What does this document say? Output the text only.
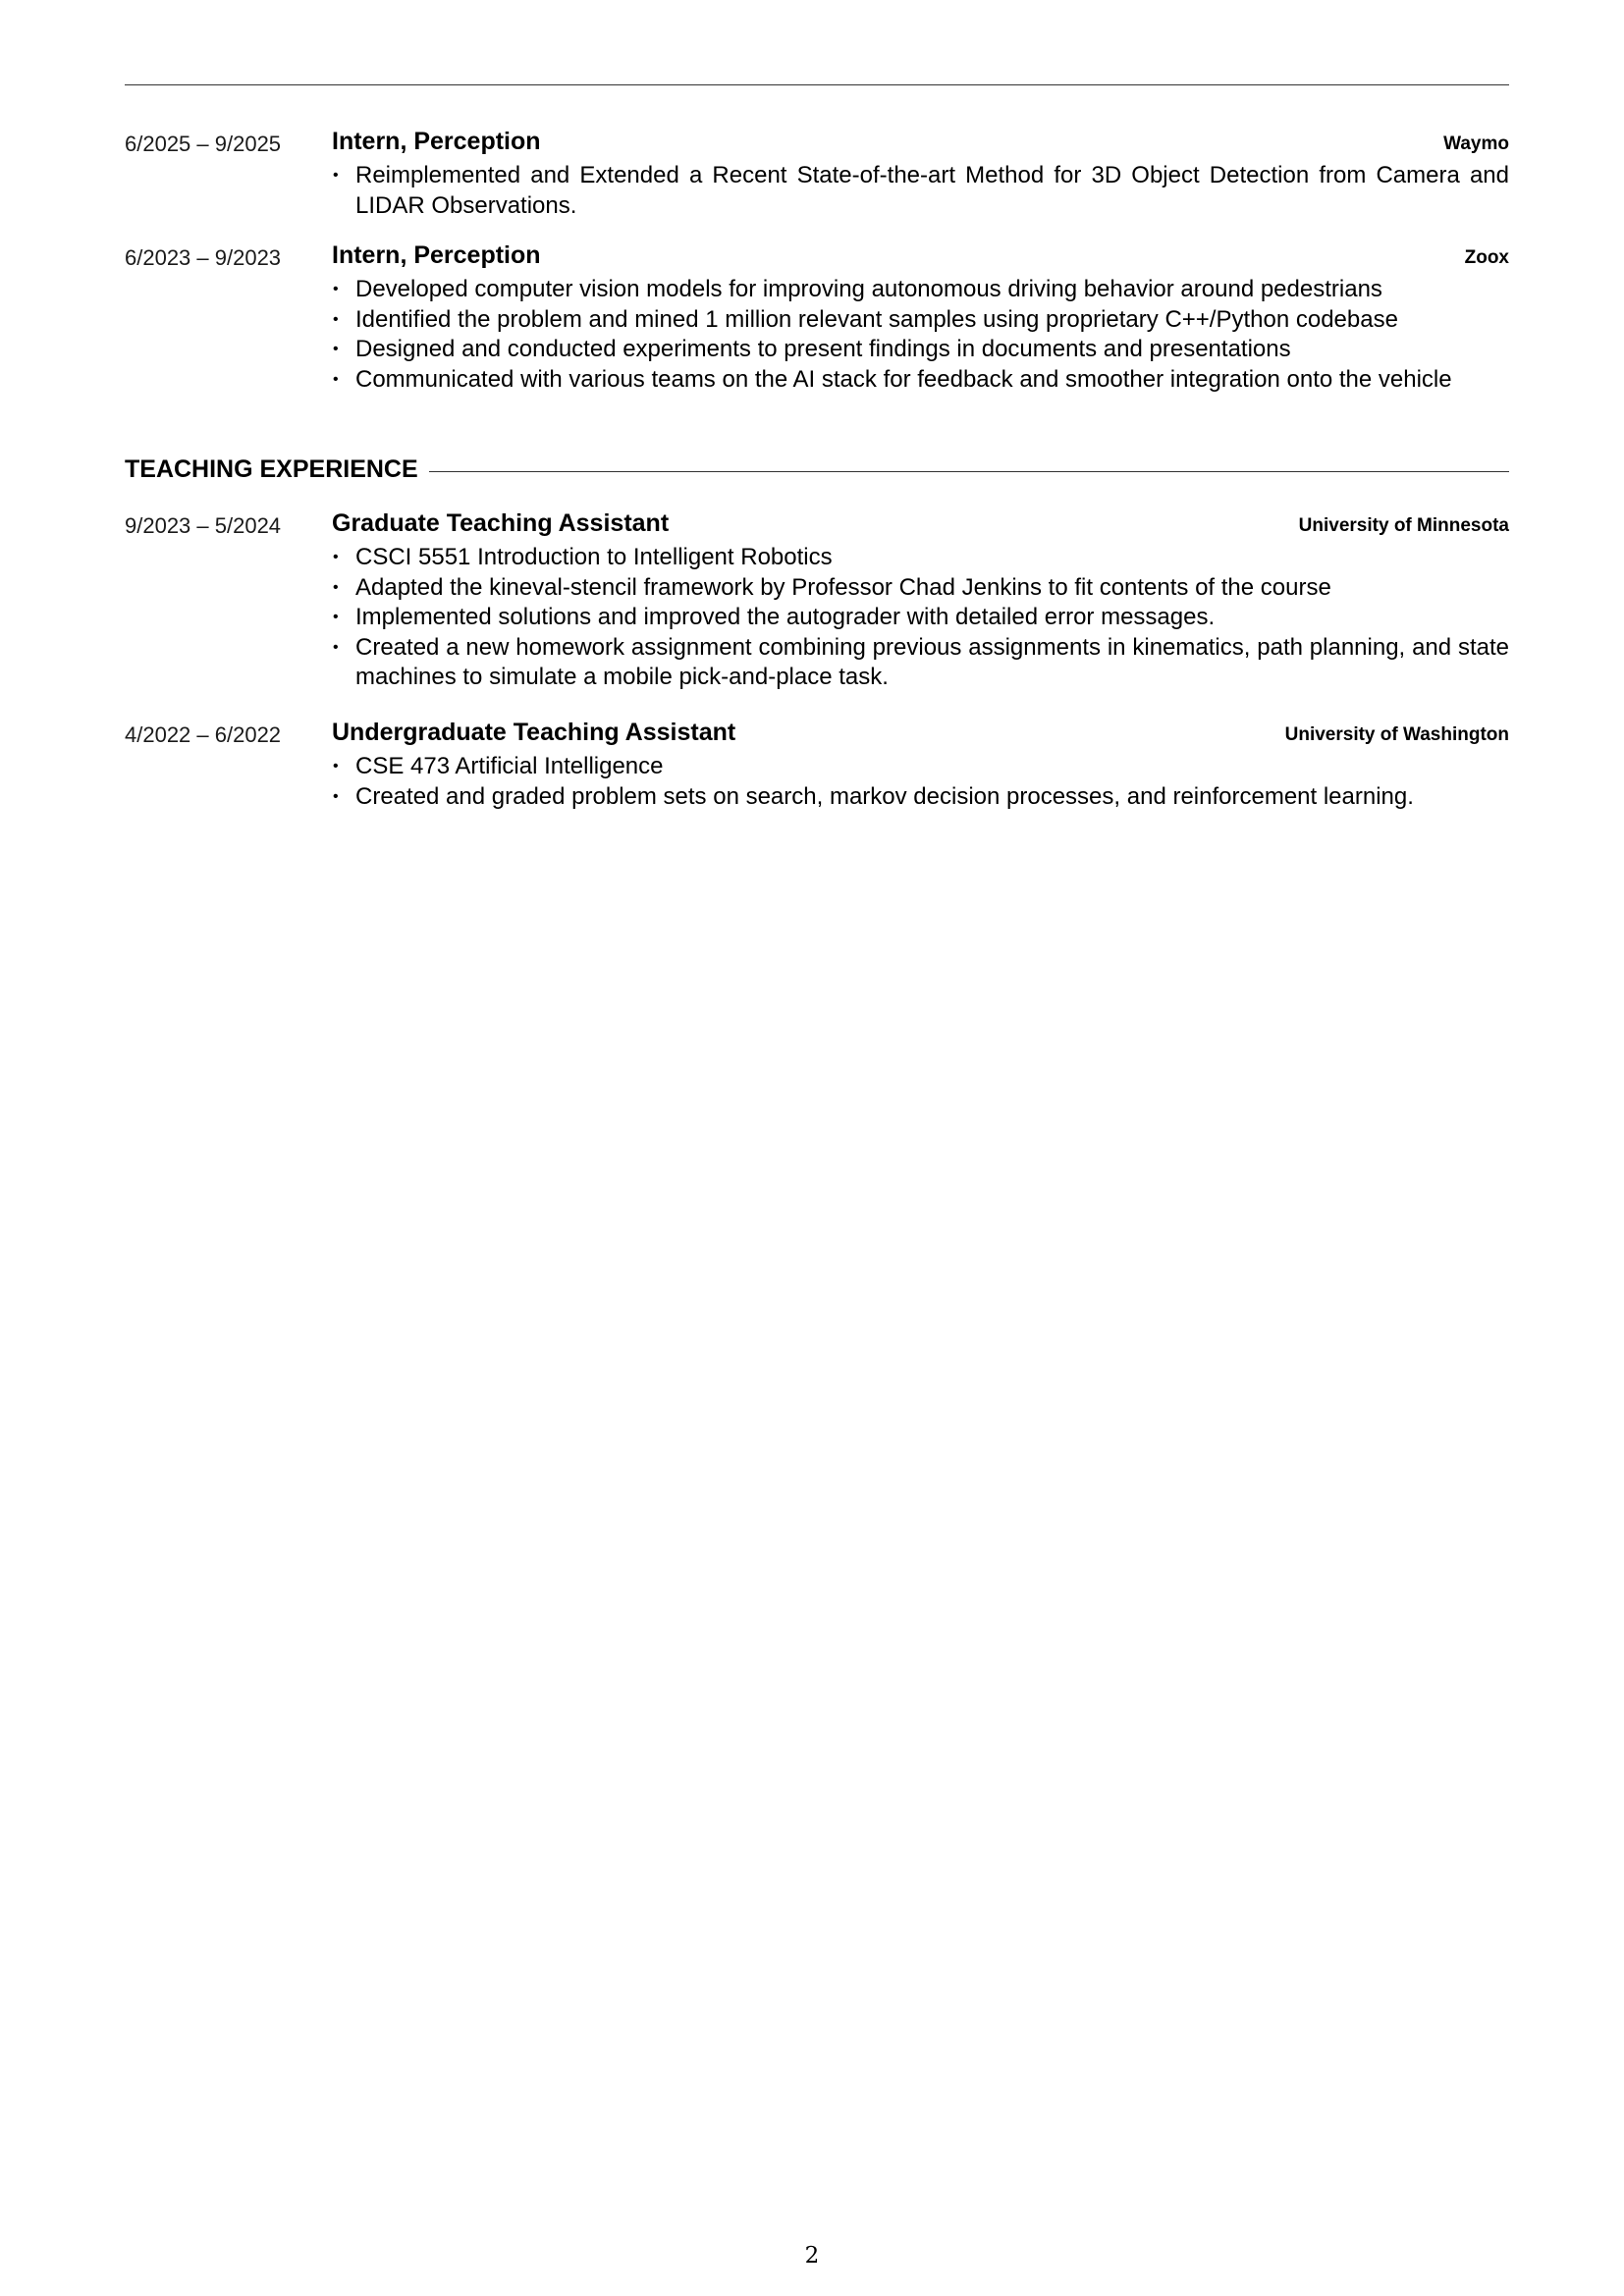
6/2025 – 9/2025 Intern, Perception	Waymo
• Reimplemented and Extended a Recent State-of-the-art Method for 3D Object Detection from Camera and LIDAR Observations.
6/2023 – 9/2023 Intern, Perception	Zoox
• Developed computer vision models for improving autonomous driving behavior around pedestrians
• Identified the problem and mined 1 million relevant samples using proprietary C++/Python codebase
• Designed and conducted experiments to present findings in documents and presentations
• Communicated with various teams on the AI stack for feedback and smoother integration onto the vehicle
TEACHING EXPERIENCE
9/2023 – 5/2024 Graduate Teaching Assistant	University of Minnesota
• CSCI 5551 Introduction to Intelligent Robotics
• Adapted the kineval-stencil framework by Professor Chad Jenkins to fit contents of the course
• Implemented solutions and improved the autograder with detailed error messages.
• Created a new homework assignment combining previous assignments in kinematics, path planning, and state machines to simulate a mobile pick-and-place task.
4/2022 – 6/2022 Undergraduate Teaching Assistant	University of Washington
• CSE 473 Artificial Intelligence
• Created and graded problem sets on search, markov decision processes, and reinforcement learning.
2
